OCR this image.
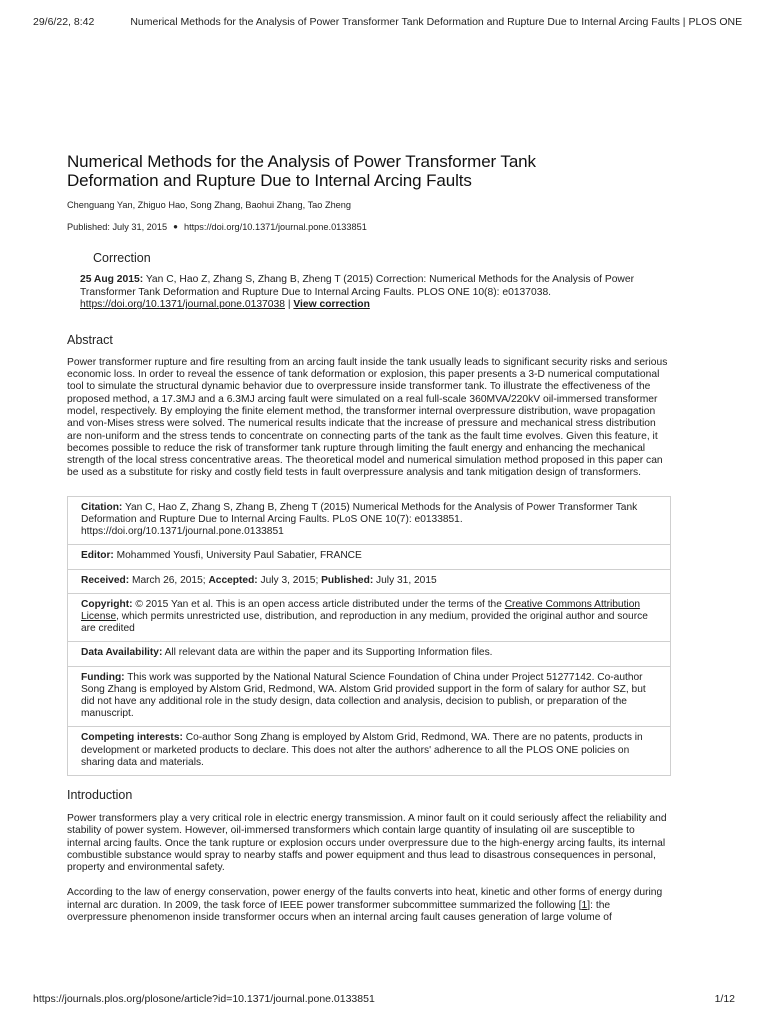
29/6/22, 8:42	Numerical Methods for the Analysis of Power Transformer Tank Deformation and Rupture Due to Internal Arcing Faults | PLOS ONE
Numerical Methods for the Analysis of Power Transformer Tank Deformation and Rupture Due to Internal Arcing Faults
Chenguang Yan, Zhiguo Hao, Song Zhang, Baohui Zhang, Tao Zheng
Published: July 31, 2015 ● https://doi.org/10.1371/journal.pone.0133851
Correction
25 Aug 2015: Yan C, Hao Z, Zhang S, Zhang B, Zheng T (2015) Correction: Numerical Methods for the Analysis of Power Transformer Tank Deformation and Rupture Due to Internal Arcing Faults. PLOS ONE 10(8): e0137038.
https://doi.org/10.1371/journal.pone.0137038 | View correction
Abstract

Power transformer rupture and fire resulting from an arcing fault inside the tank usually leads to significant security risks and serious economic loss. In order to reveal the essence of tank deformation or explosion, this paper presents a 3-D numerical computational tool to simulate the structural dynamic behavior due to overpressure inside transformer tank. To illustrate the effectiveness of the proposed method, a 17.3MJ and a 6.3MJ arcing fault were simulated on a real full-scale 360MVA/220kV oil-immersed transformer model, respectively. By employing the finite element method, the transformer internal overpressure distribution, wave propagation and von-Mises stress were solved. The numerical results indicate that the increase of pressure and mechanical stress distribution are non-uniform and the stress tends to concentrate on connecting parts of the tank as the fault time evolves. Given this feature, it becomes possible to reduce the risk of transformer tank rupture through limiting the fault energy and enhancing the mechanical strength of the local stress concentrative areas. The theoretical model and numerical simulation method proposed in this paper can be used as a substitute for risky and costly field tests in fault overpressure analysis and tank mitigation design of transformers.

Citation: Yan C, Hao Z, Zhang S, Zhang B, Zheng T (2015) Numerical Methods for the Analysis of Power Transformer Tank Deformation and Rupture Due to Internal Arcing Faults. PLoS ONE 10(7): e0133851. https://doi.org/10.1371/journal.pone.0133851
Editor: Mohammed Yousfi, University Paul Sabatier, FRANCE
Received: March 26, 2015; Accepted: July 3, 2015; Published: July 31, 2015
Copyright: © 2015 Yan et al. This is an open access article distributed under the terms of the Creative Commons Attribution License, which permits unrestricted use, distribution, and reproduction in any medium, provided the original author and source are credited
Data Availability: All relevant data are within the paper and its Supporting Information files.
Funding: This work was supported by the National Natural Science Foundation of China under Project 51277142. Co-author Song Zhang is employed by Alstom Grid, Redmond, WA. Alstom Grid provided support in the form of salary for author SZ, but did not have any additional role in the study design, data collection and analysis, decision to publish, or preparation of the manuscript.
Competing interests: Co-author Song Zhang is employed by Alstom Grid, Redmond, WA. There are no patents, products in development or marketed products to declare. This does not alter the authors' adherence to all the PLOS ONE policies on sharing data and materials.
Introduction

Power transformers play a very critical role in electric energy transmission. A minor fault on it could seriously affect the reliability and stability of power system. However, oil-immersed transformers which contain large quantity of insulating oil are susceptible to internal arcing faults. Once the tank rupture or explosion occurs under overpressure due to the high-energy arcing faults, its internal combustible substance would spray to nearby staffs and power equipment and thus lead to disastrous consequences in personal, property and environmental safety.

According to the law of energy conservation, power energy of the faults converts into heat, kinetic and other forms of energy during internal arc duration. In 2009, the task force of IEEE power transformer subcommittee summarized the following [1]: the overpressure phenomenon inside transformer occurs when an internal arcing fault causes generation of large volume of

https://journals.plos.org/plosone/article?id=10.1371/journal.pone.0133851	1/12
